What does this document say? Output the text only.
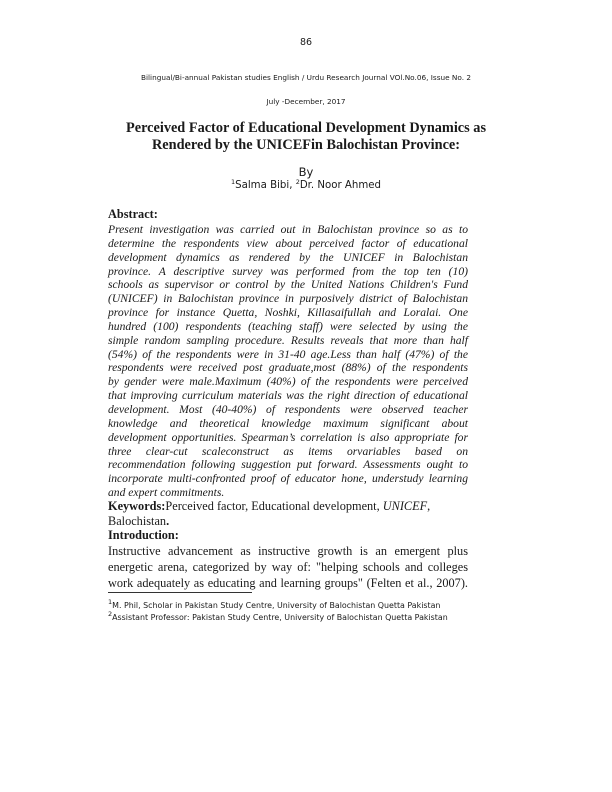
86
Bilingual/Bi-annual Pakistan studies English / Urdu Research Journal VOl.No.06, Issue No. 2
July -December, 2017
Perceived Factor of Educational Development Dynamics as
Rendered by the UNICEFin Balochistan Province:
By
$^1$Salma Bibi, $^2$Dr. Noor Ahmed
Abstract:
Present investigation was carried out in Balochistan province so as to
determine the respondents view about perceived factor of educational
development dynamics as rendered by the UNICEF in Balochistan
province. A descriptive survey was performed from the top ten (10)
schools as supervisor or control by the United Nations Children's Fund
(UNICEF) in Balochistan province in purposively district of Balochistan
province for instance Quetta, Noshki, Killasaifullah and Loralai. One
hundred (100) respondents (teaching staff) were selected by using the
simple random sampling procedure. Results reveals that more than half
(54%) of the respondents were in 31-40 age.Less than half (47%) of the
respondents were received post graduate,most (88%) of the respondents
by gender were male.Maximum (40%) of the respondents were perceived
that improving curriculum materials was the right direction of educational
development. Most (40-40%) of respondents were observed teacher
knowledge and theoretical knowledge maximum significant about
development opportunities. Spearman’s correlation is also appropriate for
three clear-cut scaleconstruct as items orvariables based on
recommendation following suggestion put forward. Assessments ought to
incorporate multi-confronted proof of educator hone, understudy learning
and expert commitments.
Keywords:Perceived factor, Educational development, UNICEF,
Balochistan.
Introduction:
Instructive advancement as instructive growth is an emergent plus
energetic arena, categorized by way of: "helping schools and colleges
work adequately as educating and learning groups" (Felten et al., 2007).
$^1$M. Phil, Scholar in Pakistan Study Centre, University of Balochistan Quetta Pakistan
$^2$Assistant Professor: Pakistan Study Centre, University of Balochistan Quetta Pakistan
